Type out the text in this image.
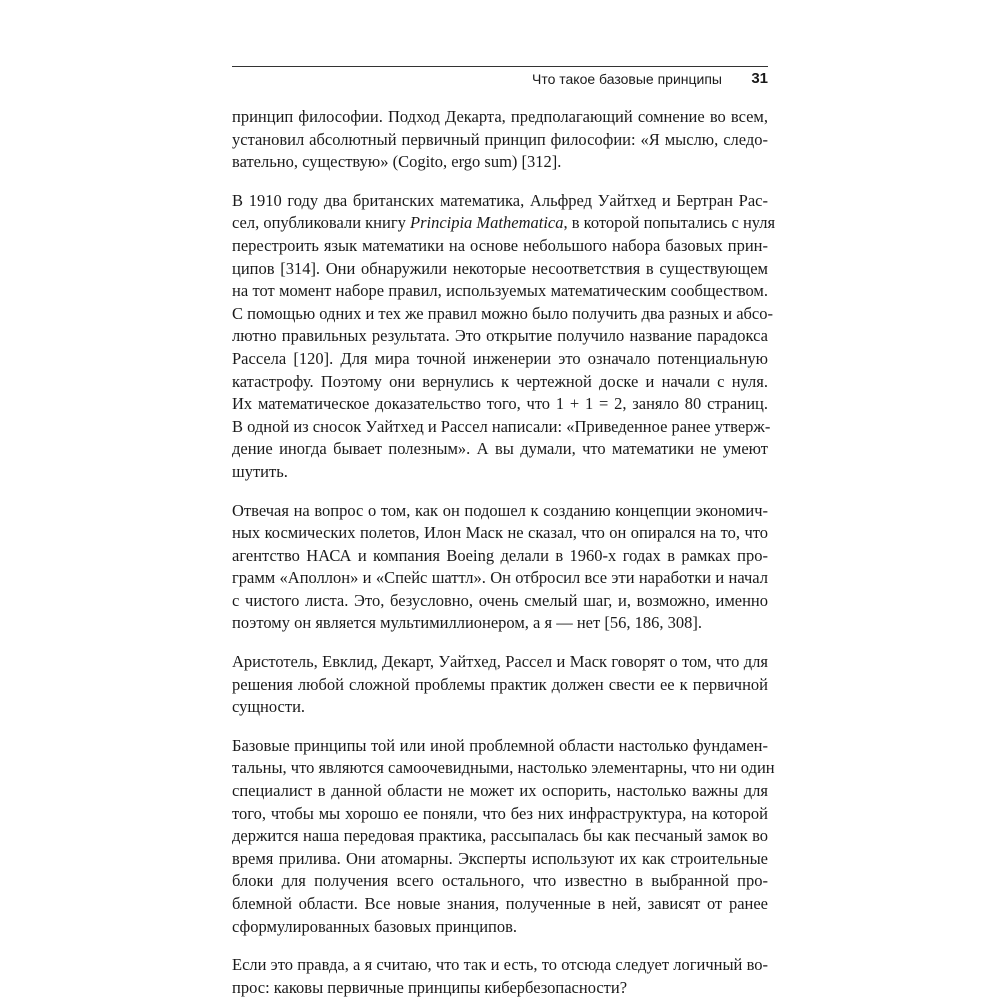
Что такое базовые принципы 31
принцип философии. Подход Декарта, предполагающий сомнение во всем,
установил абсолютный первичный принцип философии: «Я мыслю, следо-
вательно, существую» (Cogito, ergo sum) [312].
В 1910 году два британских математика, Альфред Уайтхед и Бертран Рас-
сел, опубликовали книгу Principia Mathematica, в которой попытались с нуля
перестроить язык математики на основе небольшого набора базовых прин-
ципов [314]. Они обнаружили некоторые несоответствия в существующем
на тот момент наборе правил, используемых математическим сообществом.
С помощью одних и тех же правил можно было получить два разных и абсо-
лютно правильных результата. Это открытие получило название парадокса
Рассела [120]. Для мира точной инженерии это означало потенциальную
катастрофу. Поэтому они вернулись к чертежной доске и начали с нуля.
Их математическое доказательство того, что 1 + 1 = 2, заняло 80 страниц.
В одной из сносок Уайтхед и Рассел написали: «Приведенное ранее утверж-
дение иногда бывает полезным». А вы думали, что математики не умеют
шутить.
Отвечая на вопрос о том, как он подошел к созданию концепции экономич-
ных космических полетов, Илон Маск не сказал, что он опирался на то, что
агентство НАСА и компания Boeing делали в 1960-х годах в рамках про-
грамм «Аполлон» и «Спейс шаттл». Он отбросил все эти наработки и начал
с чистого листа. Это, безусловно, очень смелый шаг, и, возможно, именно
поэтому он является мультимиллионером, а я — нет [56, 186, 308].
Аристотель, Евклид, Декарт, Уайтхед, Рассел и Маск говорят о том, что для
решения любой сложной проблемы практик должен свести ее к первичной
сущности.
Базовые принципы той или иной проблемной области настолько фундамен-
тальны, что являются самоочевидными, настолько элементарны, что ни один
специалист в данной области не может их оспорить, настолько важны для
того, чтобы мы хорошо ее поняли, что без них инфраструктура, на которой
держится наша передовая практика, рассыпалась бы как песчаный замок во
время прилива. Они атомарны. Эксперты используют их как строительные
блоки для получения всего остального, что известно в выбранной про-
блемной области. Все новые знания, полученные в ней, зависят от ранее
сформулированных базовых принципов.
Если это правда, а я считаю, что так и есть, то отсюда следует логичный во-
прос: каковы первичные принципы кибербезопасности?
